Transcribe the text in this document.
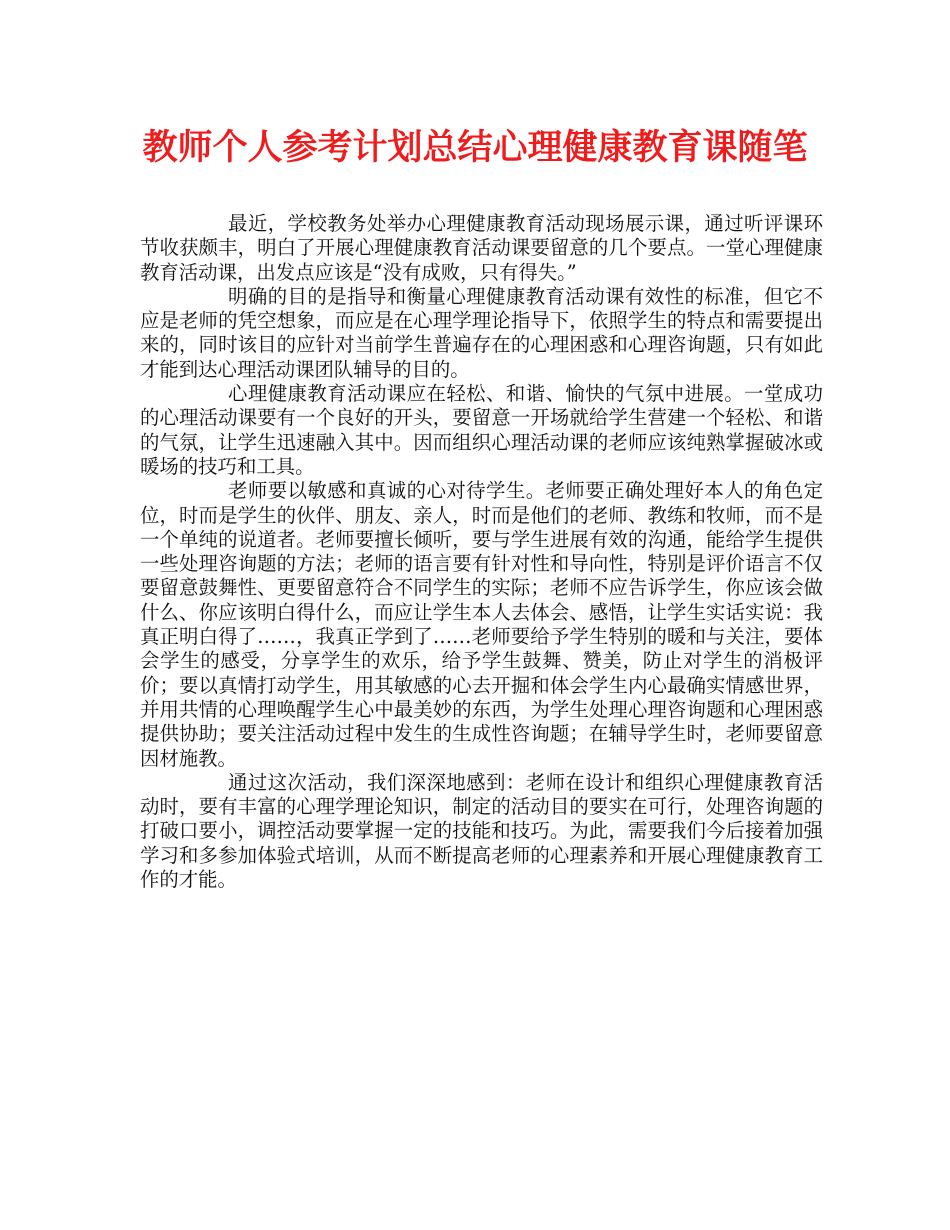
教师个人参考计划总结心理健康教育课随笔

最近，学校教务处举办心理健康教育活动现场展示课，通过听评课环节收获颇丰，明白了开展心理健康教育活动课要留意的几个要点。一堂心理健康教育活动课，出发点应该是“没有成败，只有得失。”

明确的目的是指导和衡量心理健康教育活动课有效性的标准，但它不应是老师的凭空想象，而应是在心理学理论指导下，依照学生的特点和需要提出来的，同时该目的应针对当前学生普遍存在的心理困惑和心理咨询题，只有如此才能到达心理活动课团队辅导的目的。

心理健康教育活动课应在轻松、和谐、愉快的气氛中进展。一堂成功的心理活动课要有一个良好的开头，要留意一开场就给学生营建一个轻松、和谐的气氛，让学生迅速融入其中。因而组织心理活动课的老师应该纯熟掌握破冰或暖场的技巧和工具。

老师要以敏感和真诚的心对待学生。老师要正确处理好本人的角色定位，时而是学生的伙伴、朋友、亲人，时而是他们的老师、教练和牧师，而不是一个单纯的说道者。老师要擅长倾听，要与学生进展有效的沟通，能给学生提供一些处理咨询题的方法；老师的语言要有针对性和导向性，特别是评价语言不仅要留意鼓舞性、更要留意符合不同学生的实际；老师不应告诉学生，你应该会做什么、你应该明白得什么，而应让学生本人去体会、感悟，让学生实话实说：我真正明白得了……，我真正学到了……老师要给予学生特别的暖和与关注，要体会学生的感受，分享学生的欢乐，给予学生鼓舞、赞美，防止对学生的消极评价；要以真情打动学生，用其敏感的心去开掘和体会学生内心最确实情感世界，并用共情的心理唤醒学生心中最美妙的东西，为学生处理心理咨询题和心理困惑提供协助；要关注活动过程中发生的生成性咨询题；在辅导学生时，老师要留意因材施教。

通过这次活动，我们深深地感到：老师在设计和组织心理健康教育活动时，要有丰富的心理学理论知识，制定的活动目的要实在可行，处理咨询题的打破口要小，调控活动要掌握一定的技能和技巧。为此，需要我们今后接着加强学习和多参加体验式培训，从而不断提高老师的心理素养和开展心理健康教育工作的才能。
